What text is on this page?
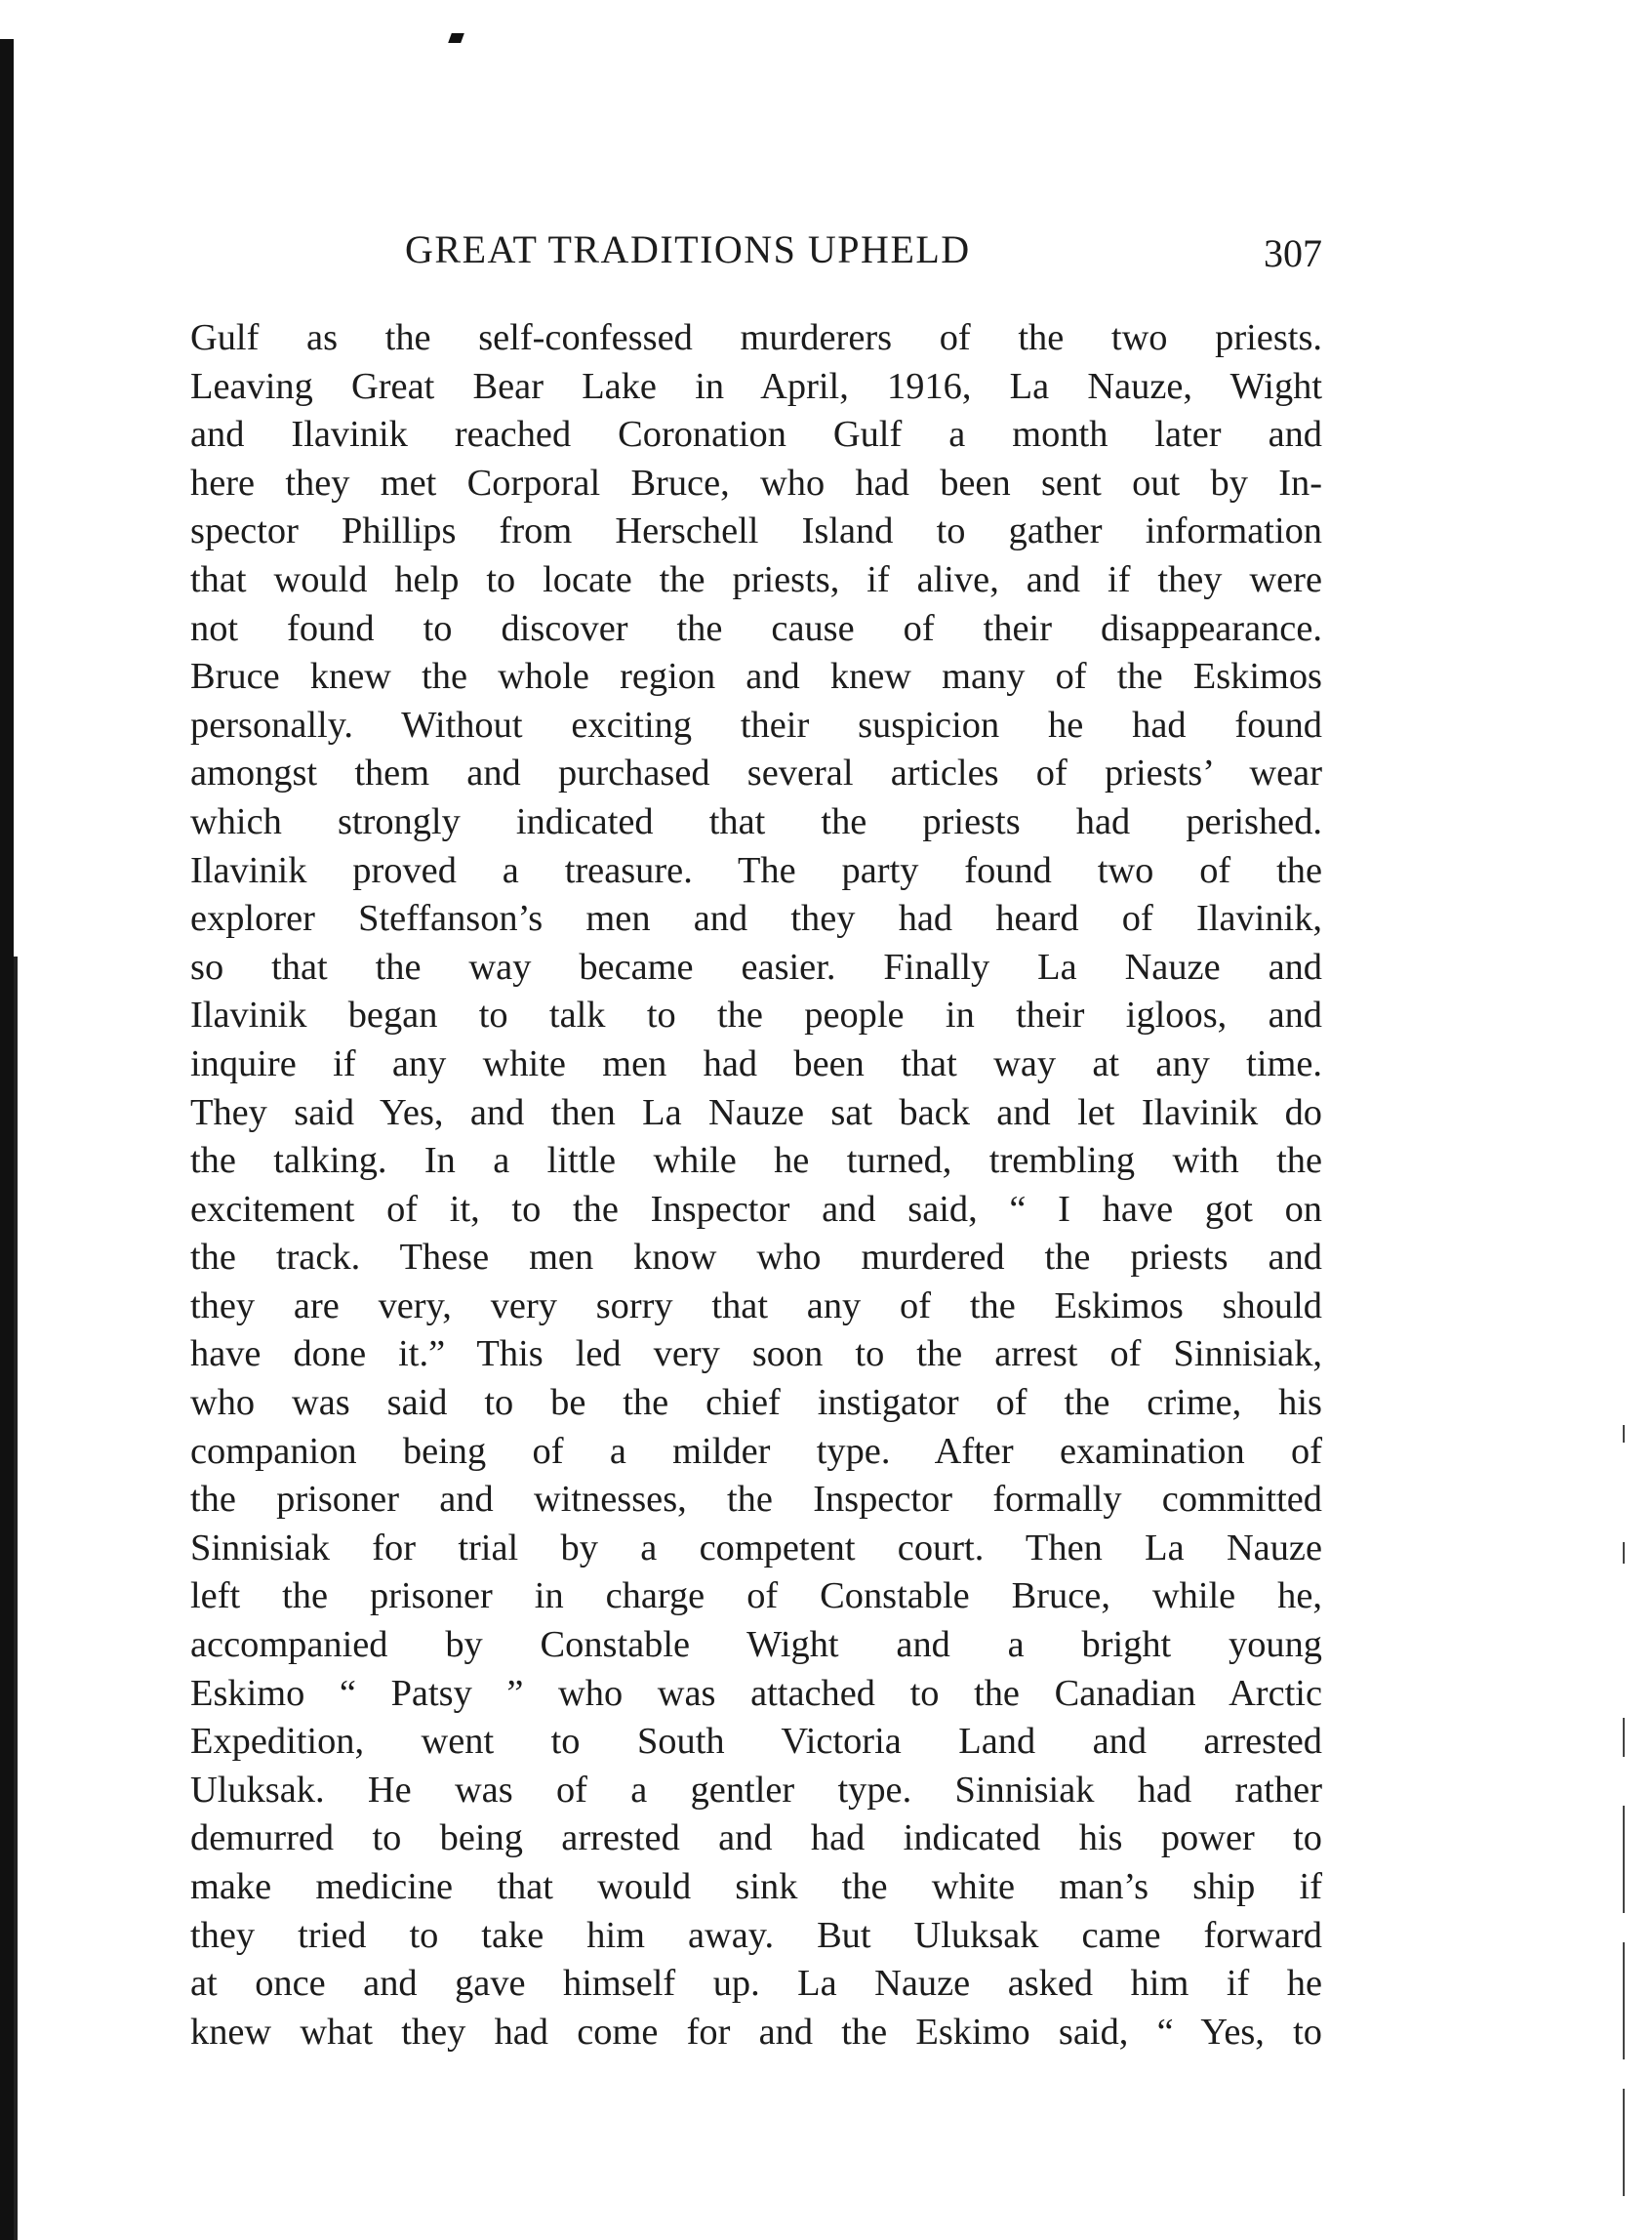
GREAT TRADITIONS UPHELD	307
Gulf as the self-confessed murderers of the two priests.
Leaving Great Bear Lake in April, 1916, La Nauze, Wight
and Ilavinik reached Coronation Gulf a month later and
here they met Corporal Bruce, who had been sent out by In-
spector Phillips from Herschell Island to gather information
that would help to locate the priests, if alive, and if they were
not found to discover the cause of their disappearance.
Bruce knew the whole region and knew many of the Eskimos
personally. Without exciting their suspicion he had found
amongst them and purchased several articles of priests’ wear
which strongly indicated that the priests had perished.
Ilavinik proved a treasure. The party found two of the
explorer Steffanson’s men and they had heard of Ilavinik,
so that the way became easier. Finally La Nauze and
Ilavinik began to talk to the people in their igloos, and
inquire if any white men had been that way at any time.
They said Yes, and then La Nauze sat back and let Ilavinik do
the talking. In a little while he turned, trembling with the
excitement of it, to the Inspector and said, “ I have got on
the track. These men know who murdered the priests and
they are very, very sorry that any of the Eskimos should
have done it.” This led very soon to the arrest of Sinnisiak,
who was said to be the chief instigator of the crime, his
companion being of a milder type. After examination of
the prisoner and witnesses, the Inspector formally committed
Sinnisiak for trial by a competent court. Then La Nauze
left the prisoner in charge of Constable Bruce, while he,
accompanied by Constable Wight and a bright young
Eskimo “ Patsy ” who was attached to the Canadian Arctic
Expedition, went to South Victoria Land and arrested
Uluksak. He was of a gentler type. Sinnisiak had rather
demurred to being arrested and had indicated his power to
make medicine that would sink the white man’s ship if
they tried to take him away. But Uluksak came forward
at once and gave himself up. La Nauze asked him if he
knew what they had come for and the Eskimo said, “ Yes, to
